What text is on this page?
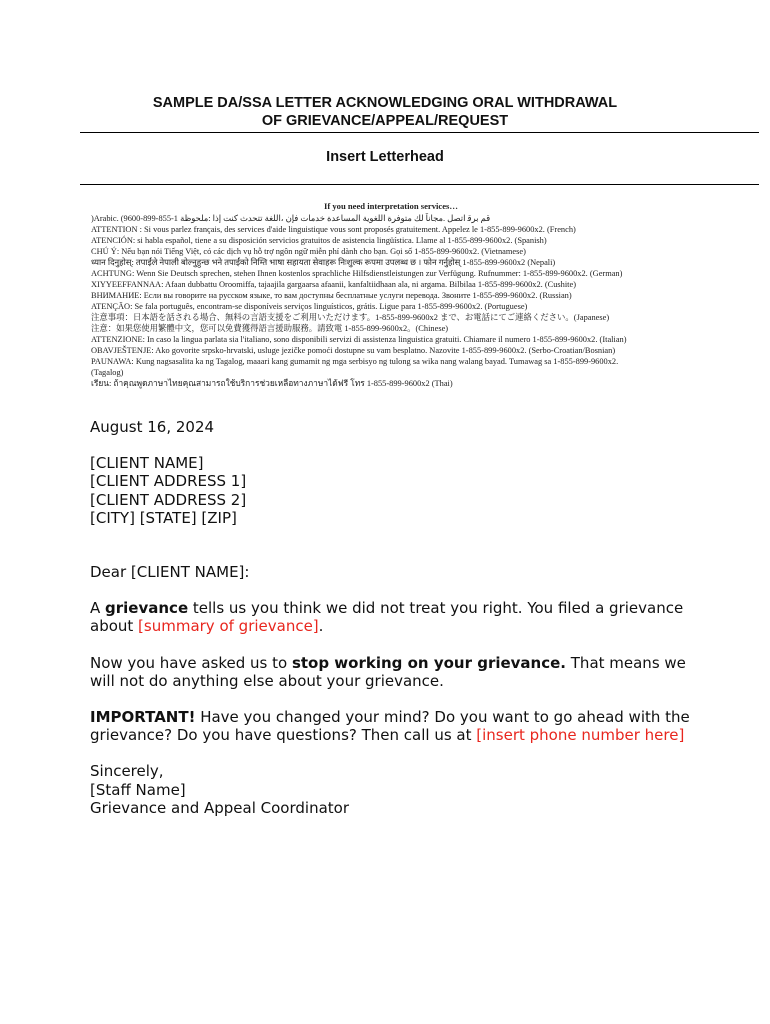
SAMPLE DA/SSA LETTER ACKNOWLEDGING ORAL WITHDRAWAL
OF GRIEVANCE/APPEAL/REQUEST
Insert Letterhead
If you need interpretation services…
)Arabic. (9600-899-855-1 ﻗﻢ ﺑﺮﻗ ﺍﺗﺼﻞ .ﻣﺠﺎﻧﺎً ﻟﻚ ﻣﺘﻮﻓﺮﺓ ﺍﻟﻠﻐﻮﻳﺔ ﺍﻟﻤﺴﺎﻋﺪﺓ ﺧﺪﻣﺎﺕ ﻓﺈﻥ ،ﺍﻟﻠﻐﺔ ﺗﺘﺤﺪﺙ ﻛﻨﺖ ﺇﺫﺍ :ﻣﻠﺤﻮﻇﺔ
ATTENTION : Si vous parlez français, des services d'aide linguistique vous sont proposés gratuitement. Appelez le 1-855-899-9600x2. (French)
ATENCIÓN: si habla español, tiene a su disposición servicios gratuitos de asistencia lingüística. Llame al 1-855-899-9600x2. (Spanish)
CHÚ Ý: Nếu bạn nói Tiếng Việt, có các dịch vụ hỗ trợ ngôn ngữ miễn phí dành cho bạn. Gọi số 1-855-899-9600x2. (Vietnamese)
ध्यान दिनुहोस्: तपाईंले नेपाली बोल्नुहुन्छ भने तपाईंको निम्ति भाषा सहायता सेवाहरू निःशुल्क रूपमा उपलब्ध छ । फोन गर्नुहोस् 1-855-899-9600x2 (Nepali)
ACHTUNG: Wenn Sie Deutsch sprechen, stehen Ihnen kostenlos sprachliche Hilfsdienstleistungen zur Verfügung. Rufnummer: 1-855-899-9600x2. (German)
XIYYEEFFANNAA: Afaan dubbattu Oroomiffa, tajaajila gargaarsa afaanii, kanfaltiidhaan ala, ni argama. Bilbilaa 1-855-899-9600x2. (Cushite)
ВНИМАНИЕ: Если вы говорите на русском языке, то вам доступны бесплатные услуги перевода. Звоните 1-855-899-9600x2. (Russian)
ATENÇÃO: Se fala português, encontram-se disponíveis serviços linguísticos, grátis. Ligue para 1-855-899-9600x2. (Portuguese)
注意事項：日本語を話される場合、無料の言語支援をご利用いただけます。1-855-899-9600x2 まで、お電話にてご連絡ください。(Japanese)
注意：如果您使用繁體中文，您可以免費獲得語言援助服務。請致電 1-855-899-9600x2。(Chinese)
ATTENZIONE: In caso la lingua parlata sia l'italiano, sono disponibili servizi di assistenza linguistica gratuiti. Chiamare il numero 1-855-899-9600x2. (Italian)
OBAVJEŠTENJE: Ako govorite srpsko-hrvatski, usluge jezičke pomoći dostupne su vam besplatno. Nazovite 1-855-899-9600x2. (Serbo-Croatian/Bosnian)
PAUNAWA: Kung nagsasalita ka ng Tagalog, maaari kang gumamit ng mga serbisyo ng tulong sa wika nang walang bayad. Tumawag sa 1-855-899-9600x2.
(Tagalog)
เรียน: ถ้าคุณพูดภาษาไทยคุณสามารถใช้บริการช่วยเหลือทางภาษาได้ฟรี โทร 1-855-899-9600x2 (Thai)

August 16, 2024

[CLIENT NAME]

[CLIENT ADDRESS 1]

[CLIENT ADDRESS 2]

[CITY] [STATE] [ZIP]

Dear [CLIENT NAME]:

A grievance tells us you think we did not treat you right. You filed a grievance about [summary of grievance].

Now you have asked us to stop working on your grievance. That means we will not do anything else about your grievance.

IMPORTANT! Have you changed your mind? Do you want to go ahead with the grievance? Do you have questions? Then call us at [insert phone number here]

Sincerely,

[Staff Name]

Grievance and Appeal Coordinator
